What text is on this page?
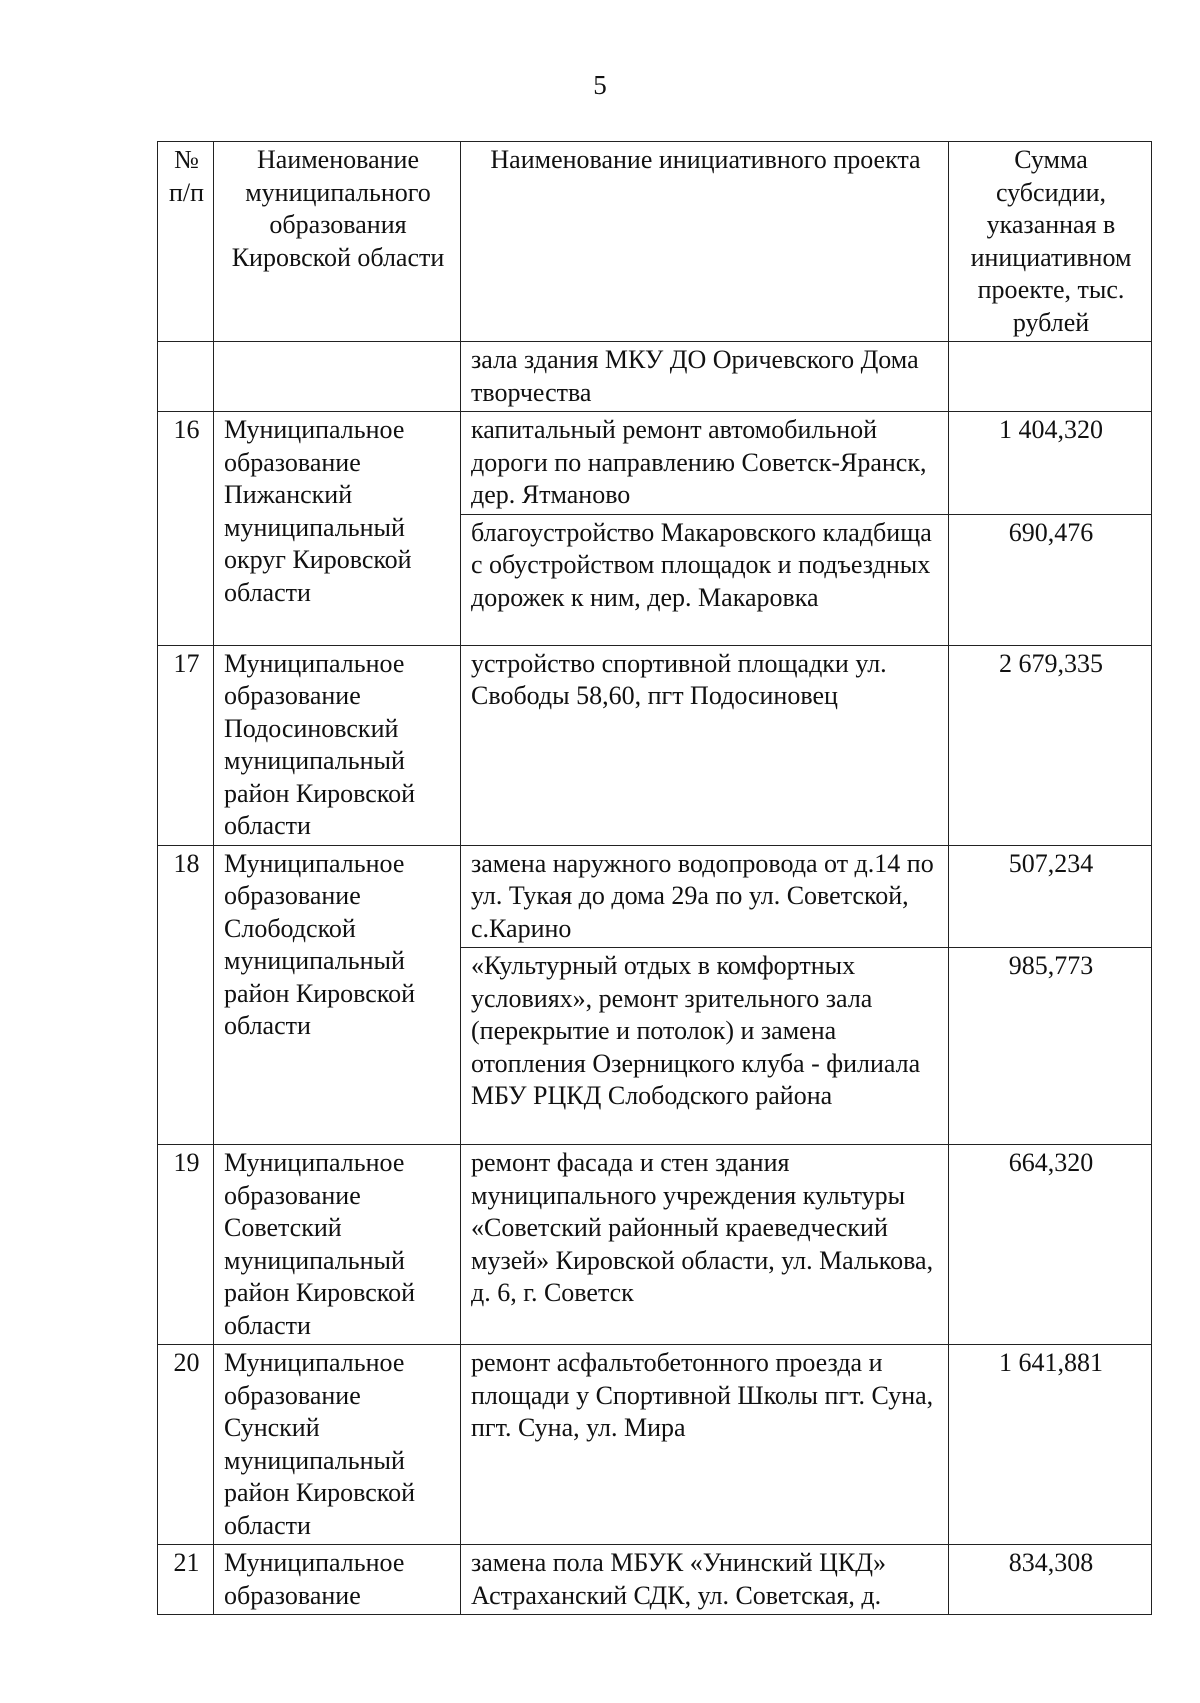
5
№ п/п	Наименование муниципального образования Кировской области	Наименование инициативного проекта	Сумма субсидии, указанная в инициативном проекте, тыс. рублей
		зала здания МКУ ДО Оричевского Дома творчества	
16	Муниципальное образование Пижанский муниципальный округ Кировской области	капитальный ремонт автомобильной дороги по направлению Советск-Яранск, дер. Ятманово	1 404,320
		благоустройство Макаровского кладбища с обустройством площадок и подъездных дорожек к ним, дер. Макаровка	690,476
17	Муниципальное образование Подосиновский муниципальный район Кировской области	устройство спортивной площадки ул. Свободы 58,60, пгт Подосиновец	2 679,335
18	Муниципальное образование Слободской муниципальный район Кировской области	замена наружного водопровода от д.14 по ул. Тукая до дома 29а по ул. Советской, с.Карино	507,234
		«Культурный отдых в комфортных условиях», ремонт зрительного зала (перекрытие и потолок) и замена отопления Озерницкого клуба - филиала МБУ РЦКД Слободского района	985,773
19	Муниципальное образование Советский муниципальный район Кировской области	ремонт фасада и стен здания муниципального учреждения культуры «Советский районный краеведческий музей» Кировской области, ул. Малькова, д. 6, г. Советск	664,320
20	Муниципальное образование Сунский муниципальный район Кировской области	ремонт асфальтобетонного проезда и площади у Спортивной Школы пгт. Суна, пгт. Суна, ул. Мира	1 641,881
21	Муниципальное образование	замена пола МБУК «Унинский ЦКД» Астраханский СДК, ул. Советская, д.	834,308
